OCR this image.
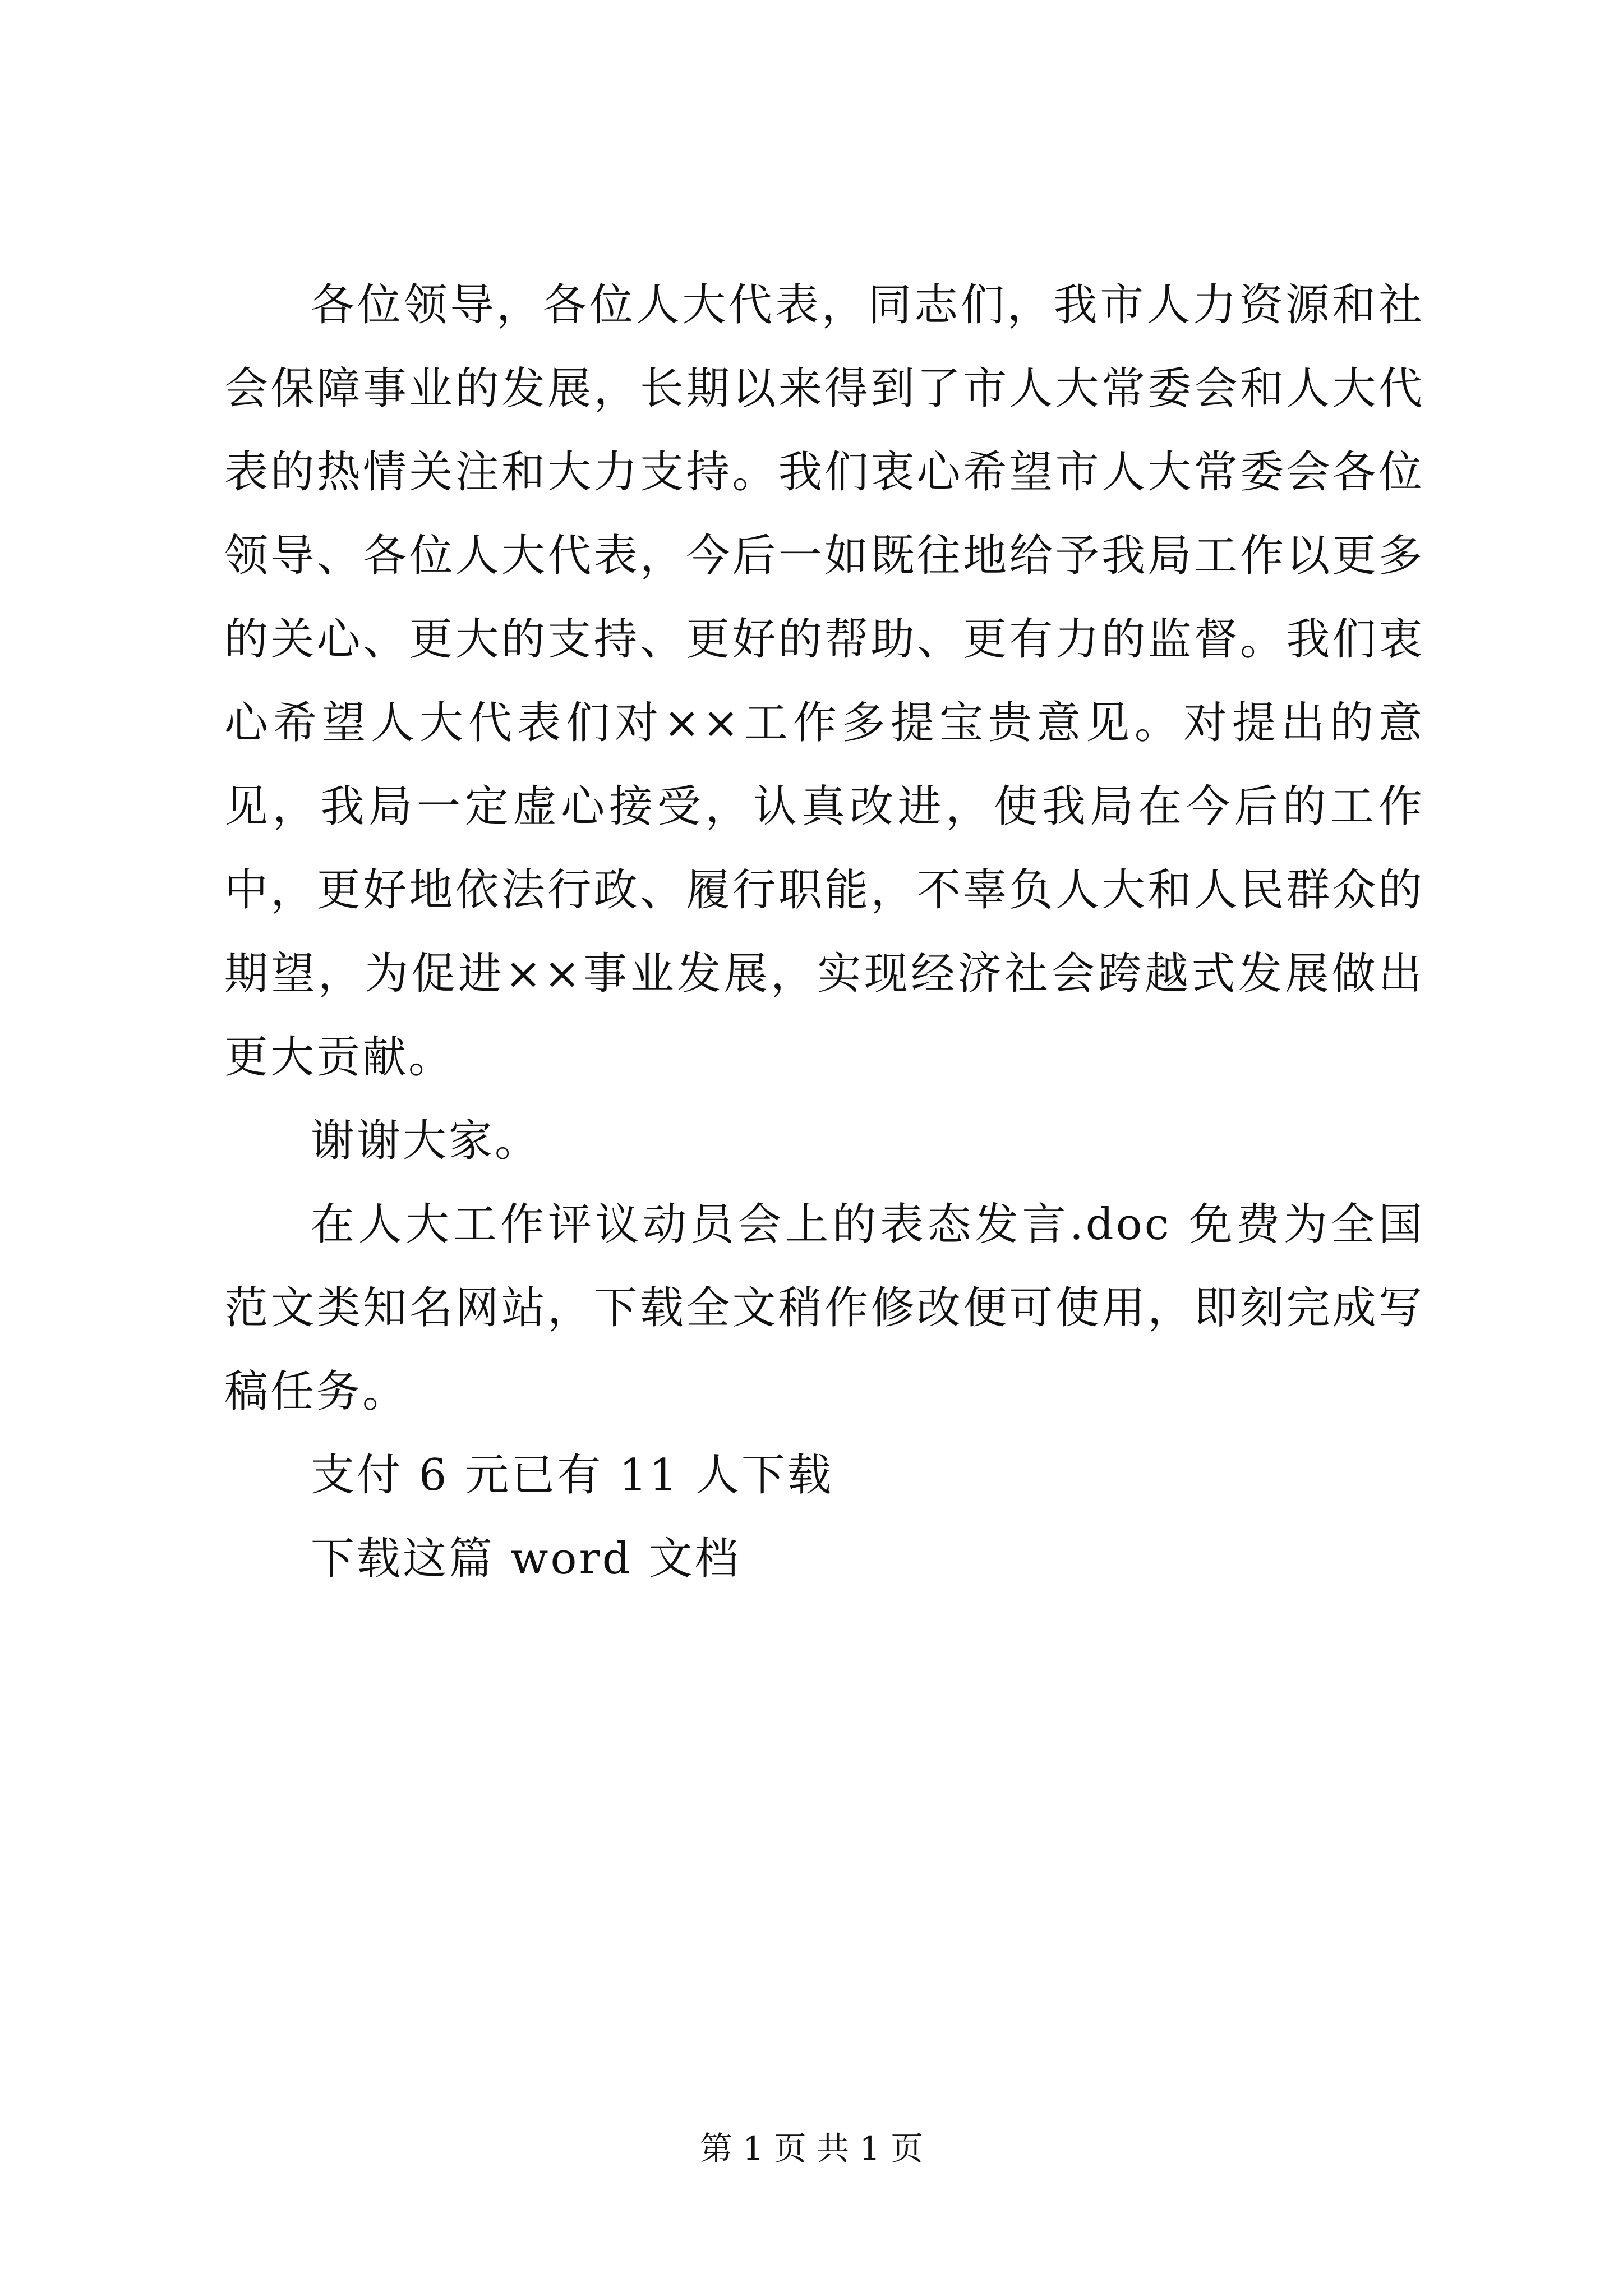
各位领导，各位人大代表，同志们，我市人力资源和社会保障事业的发展，长期以来得到了市人大常委会和人大代表的热情关注和大力支持。我们衷心希望市人大常委会各位领导、各位人大代表，今后一如既往地给予我局工作以更多的关心、更大的支持、更好的帮助、更有力的监督。我们衷心希望人大代表们对××工作多提宝贵意见。对提出的意见，我局一定虚心接受，认真改进，使我局在今后的工作中，更好地依法行政、履行职能，不辜负人大和人民群众的期望，为促进××事业发展，实现经济社会跨越式发展做出更大贡献。

谢谢大家。

在人大工作评议动员会上的表态发言.doc 免费为全国范文类知名网站，下载全文稍作修改便可使用，即刻完成写稿任务。

支付 6 元已有 11 人下载

下载这篇 word 文档

第 1 页 共 1 页
